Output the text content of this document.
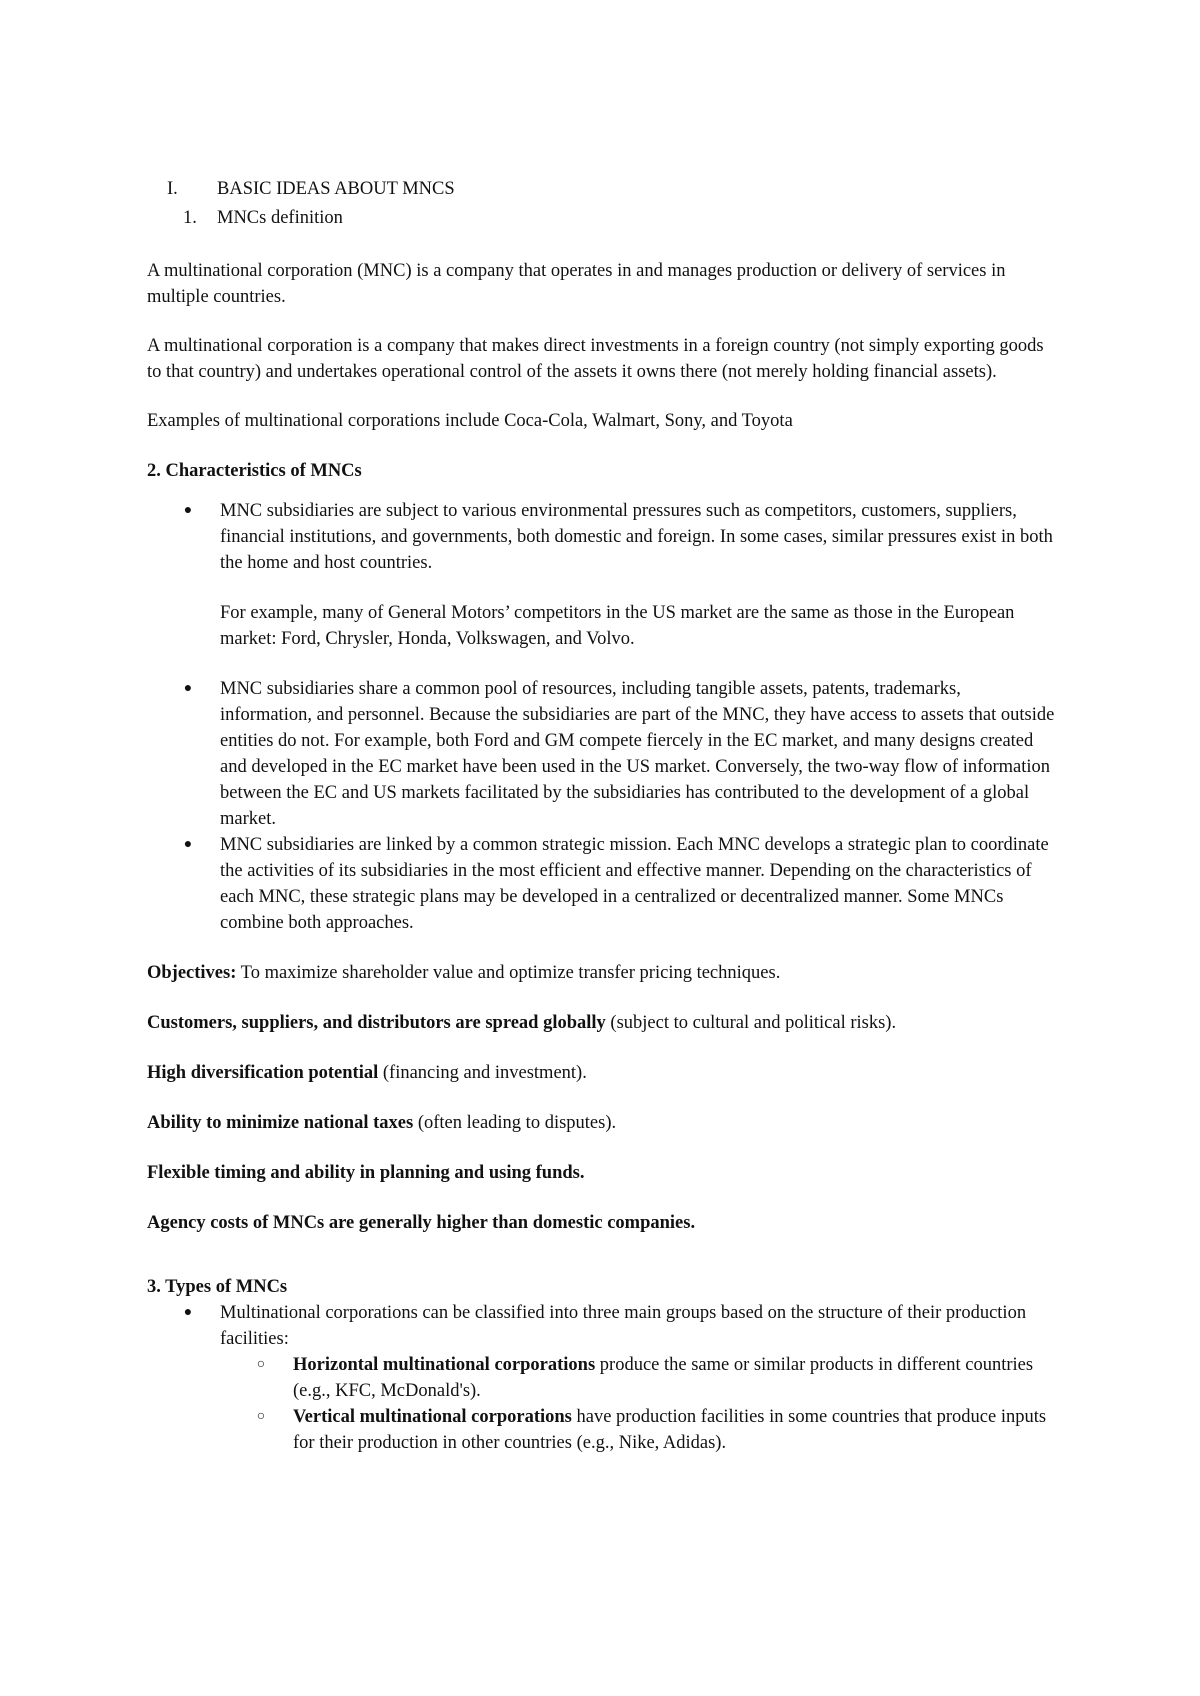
I.	BASIC IDEAS ABOUT MNCS
1.	MNCs definition

A multinational corporation (MNC) is a company that operates in and manages production or delivery of services in multiple countries.

A multinational corporation is a company that makes direct investments in a foreign country (not simply exporting goods to that country) and undertakes operational control of the assets it owns there (not merely holding financial assets).

Examples of multinational corporations include Coca-Cola, Walmart, Sony, and Toyota

2. Characteristics of MNCs

● MNC subsidiaries are subject to various environmental pressures such as competitors, customers, suppliers, financial institutions, and governments, both domestic and foreign. In some cases, similar pressures exist in both the home and host countries.

For example, many of General Motors’ competitors in the US market are the same as those in the European market: Ford, Chrysler, Honda, Volkswagen, and Volvo.

● MNC subsidiaries share a common pool of resources, including tangible assets, patents, trademarks, information, and personnel. Because the subsidiaries are part of the MNC, they have access to assets that outside entities do not. For example, both Ford and GM compete fiercely in the EC market, and many designs created and developed in the EC market have been used in the US market. Conversely, the two-way flow of information between the EC and US markets facilitated by the subsidiaries has contributed to the development of a global market.

● MNC subsidiaries are linked by a common strategic mission. Each MNC develops a strategic plan to coordinate the activities of its subsidiaries in the most efficient and effective manner. Depending on the characteristics of each MNC, these strategic plans may be developed in a centralized or decentralized manner. Some MNCs combine both approaches.

Objectives: To maximize shareholder value and optimize transfer pricing techniques.

Customers, suppliers, and distributors are spread globally (subject to cultural and political risks).

High diversification potential (financing and investment).

Ability to minimize national taxes (often leading to disputes).

Flexible timing and ability in planning and using funds.

Agency costs of MNCs are generally higher than domestic companies.

3. Types of MNCs

● Multinational corporations can be classified into three main groups based on the structure of their production facilities:

○ Horizontal multinational corporations produce the same or similar products in different countries (e.g., KFC, McDonald's).

○ Vertical multinational corporations have production facilities in some countries that produce inputs for their production in other countries (e.g., Nike, Adidas).
